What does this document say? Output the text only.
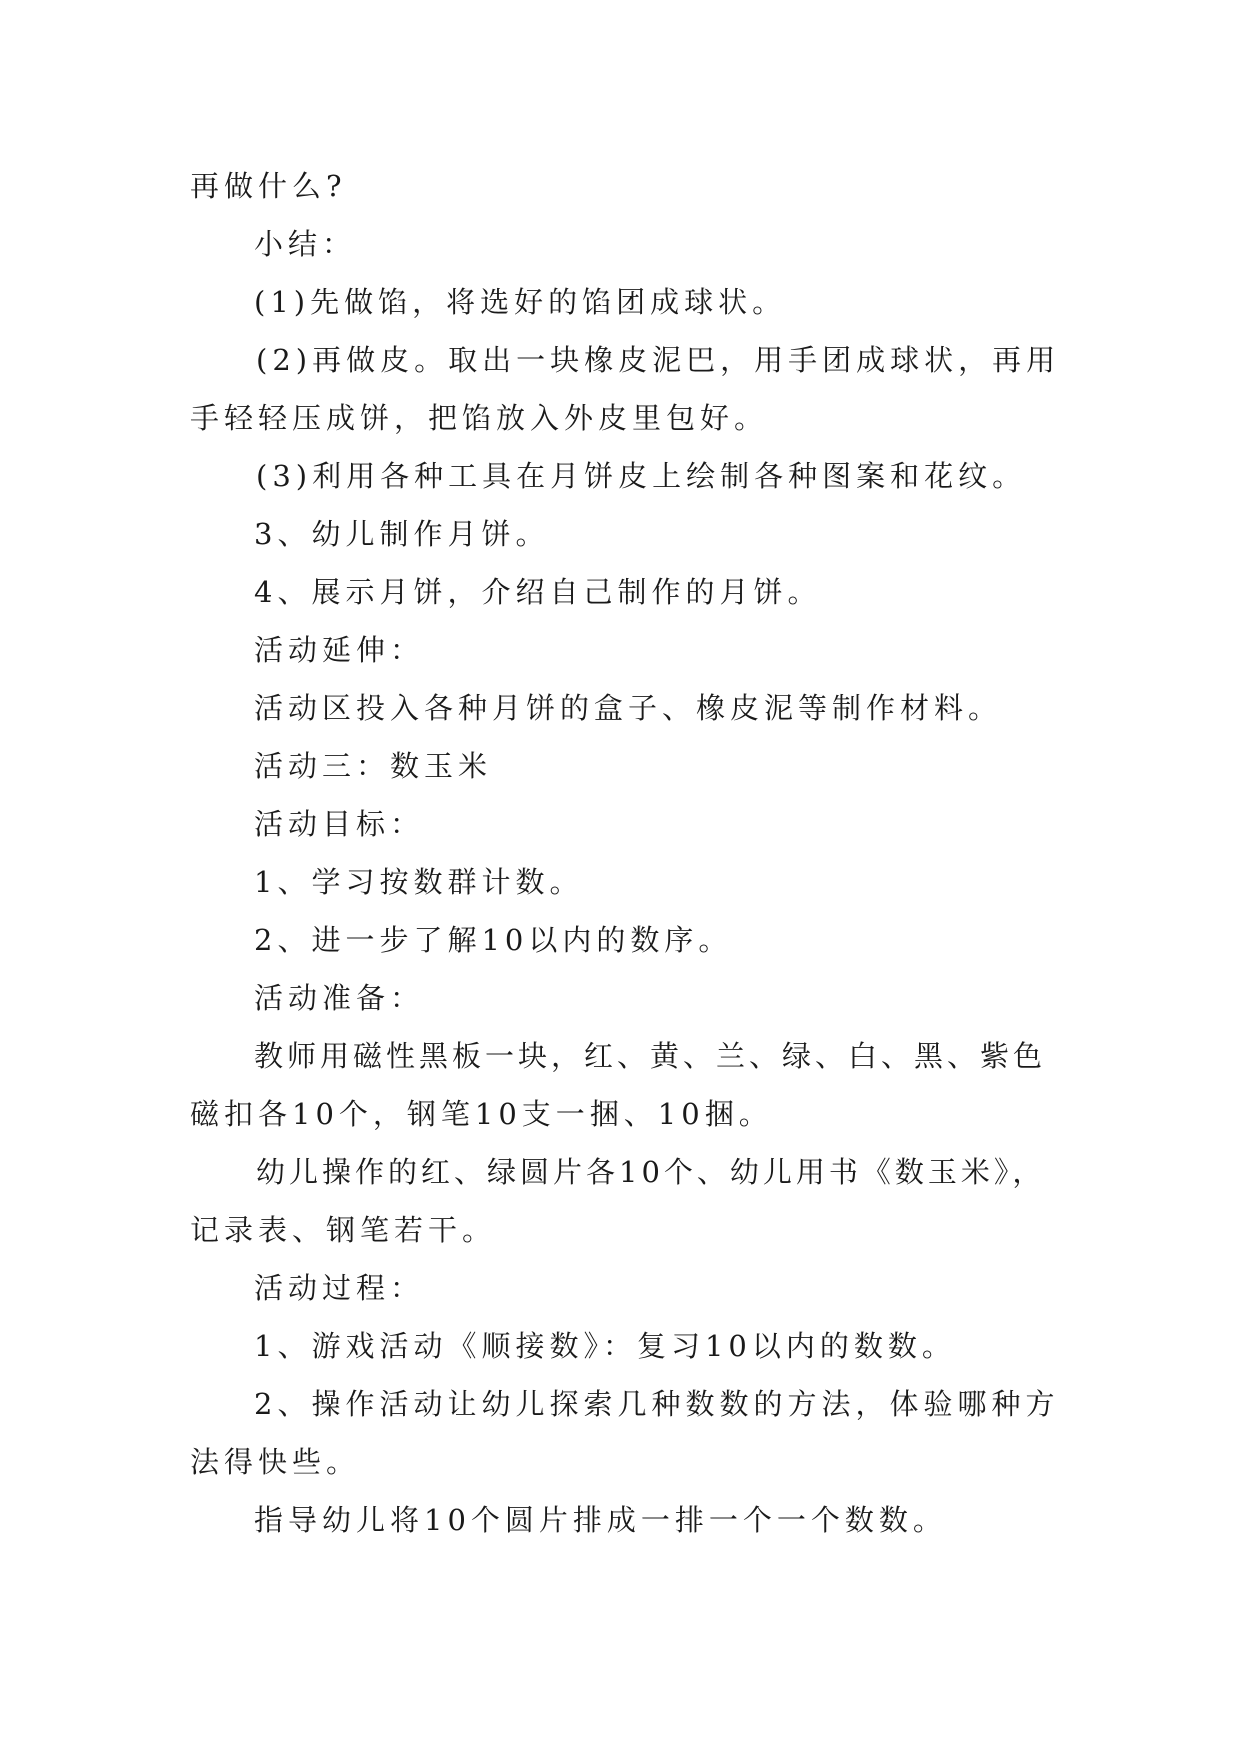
再做什么?
小结：
(1)先做馅，将选好的馅团成球状。
(2)再做皮。取出一块橡皮泥巴，用手团成球状，再用
手轻轻压成饼，把馅放入外皮里包好。
(3)利用各种工具在月饼皮上绘制各种图案和花纹。
3、幼儿制作月饼。
4、展示月饼，介绍自己制作的月饼。
活动延伸：
活动区投入各种月饼的盒子、橡皮泥等制作材料。
活动三：数玉米
活动目标：
1、学习按数群计数。
2、进一步了解10以内的数序。
活动准备：
教师用磁性黑板一块，红、黄、兰、绿、白、黑、紫色
磁扣各10个，钢笔10支一捆、10捆。
幼儿操作的红、绿圆片各10个、幼儿用书《数玉米》，
记录表、钢笔若干。
活动过程：
1、游戏活动《顺接数》：复习10以内的数数。
2、操作活动让幼儿探索几种数数的方法，体验哪种方
法得快些。
指导幼儿将10个圆片排成一排一个一个数数。
